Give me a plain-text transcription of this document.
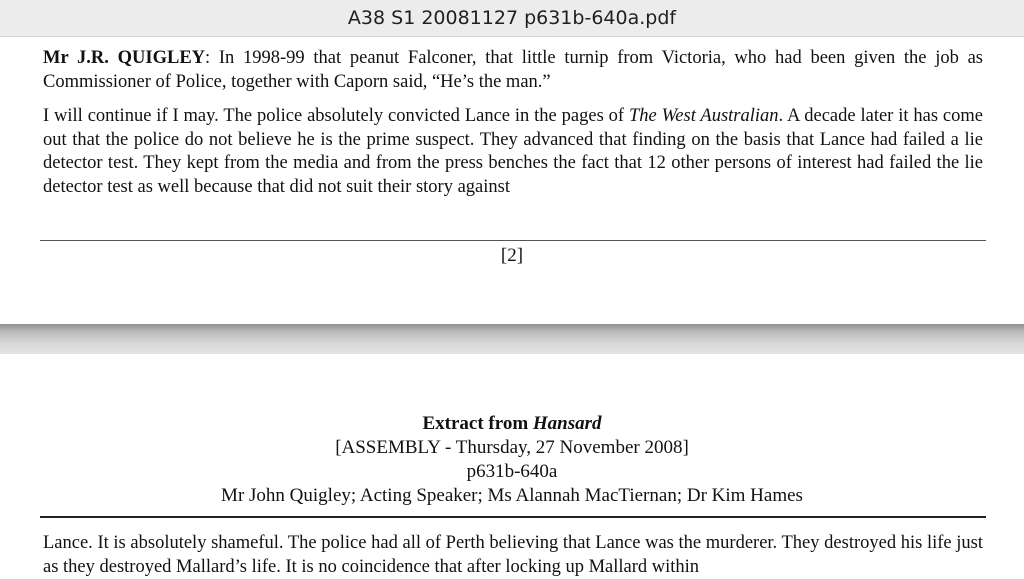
A38 S1 20081127 p631b-640a.pdf
Mr J.R. QUIGLEY: In 1998-99 that peanut Falconer, that little turnip from Victoria, who had been given the job as Commissioner of Police, together with Caporn said, “He’s the man.”
I will continue if I may. The police absolutely convicted Lance in the pages of The West Australian. A decade later it has come out that the police do not believe he is the prime suspect. They advanced that finding on the basis that Lance had failed a lie detector test. They kept from the media and from the press benches the fact that 12 other persons of interest had failed the lie detector test as well because that did not suit their story against
[2]
Extract from Hansard
[ASSEMBLY - Thursday, 27 November 2008]
p631b-640a
Mr John Quigley; Acting Speaker; Ms Alannah MacTiernan; Dr Kim Hames
Lance. It is absolutely shameful. The police had all of Perth believing that Lance was the murderer. They destroyed his life just as they destroyed Mallard’s life. It is no coincidence that after locking up Mallard within
